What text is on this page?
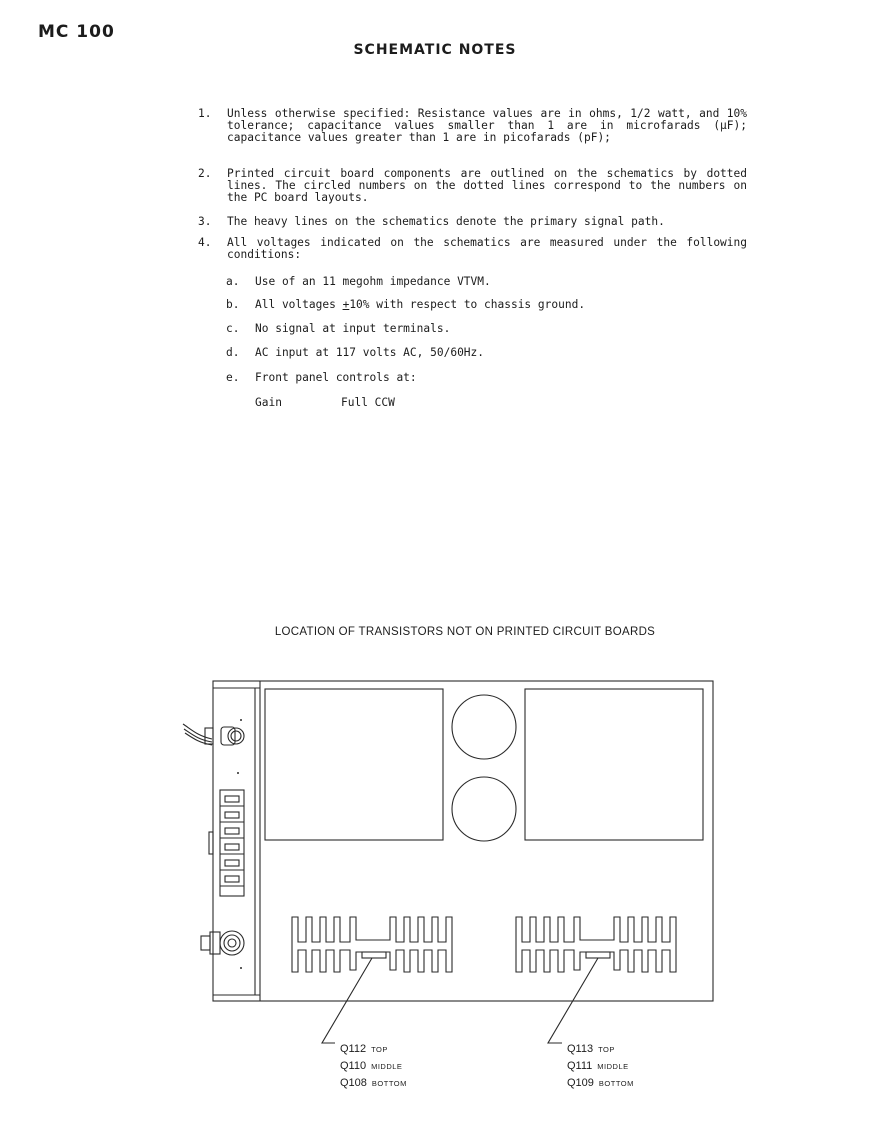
MC 100
SCHEMATIC NOTES
1. Unless otherwise specified: Resistance values are in ohms, 1/2 watt, and 10% tolerance; capacitance values smaller than 1 are in microfarads (µF); capacitance values greater than 1 are in picofarads (pF);
2. Printed circuit board components are outlined on the schematics by dotted lines. The circled numbers on the dotted lines correspond to the numbers on the PC board layouts.
3. The heavy lines on the schematics denote the primary signal path.
4. All voltages indicated on the schematics are measured under the following conditions:
a. Use of an 11 megohm impedance VTVM.
b. All voltages +10% with respect to chassis ground.
c. No signal at input terminals.
d. AC input at 117 volts AC, 50/60Hz.
e. Front panel controls at:
Gain	Full CCW
LOCATION OF TRANSISTORS NOT ON PRINTED CIRCUIT BOARDS
Q112 TOP
Q110 MIDDLE
Q108 BOTTOM
Q113 TOP
Q111 MIDDLE
Q109 BOTTOM
